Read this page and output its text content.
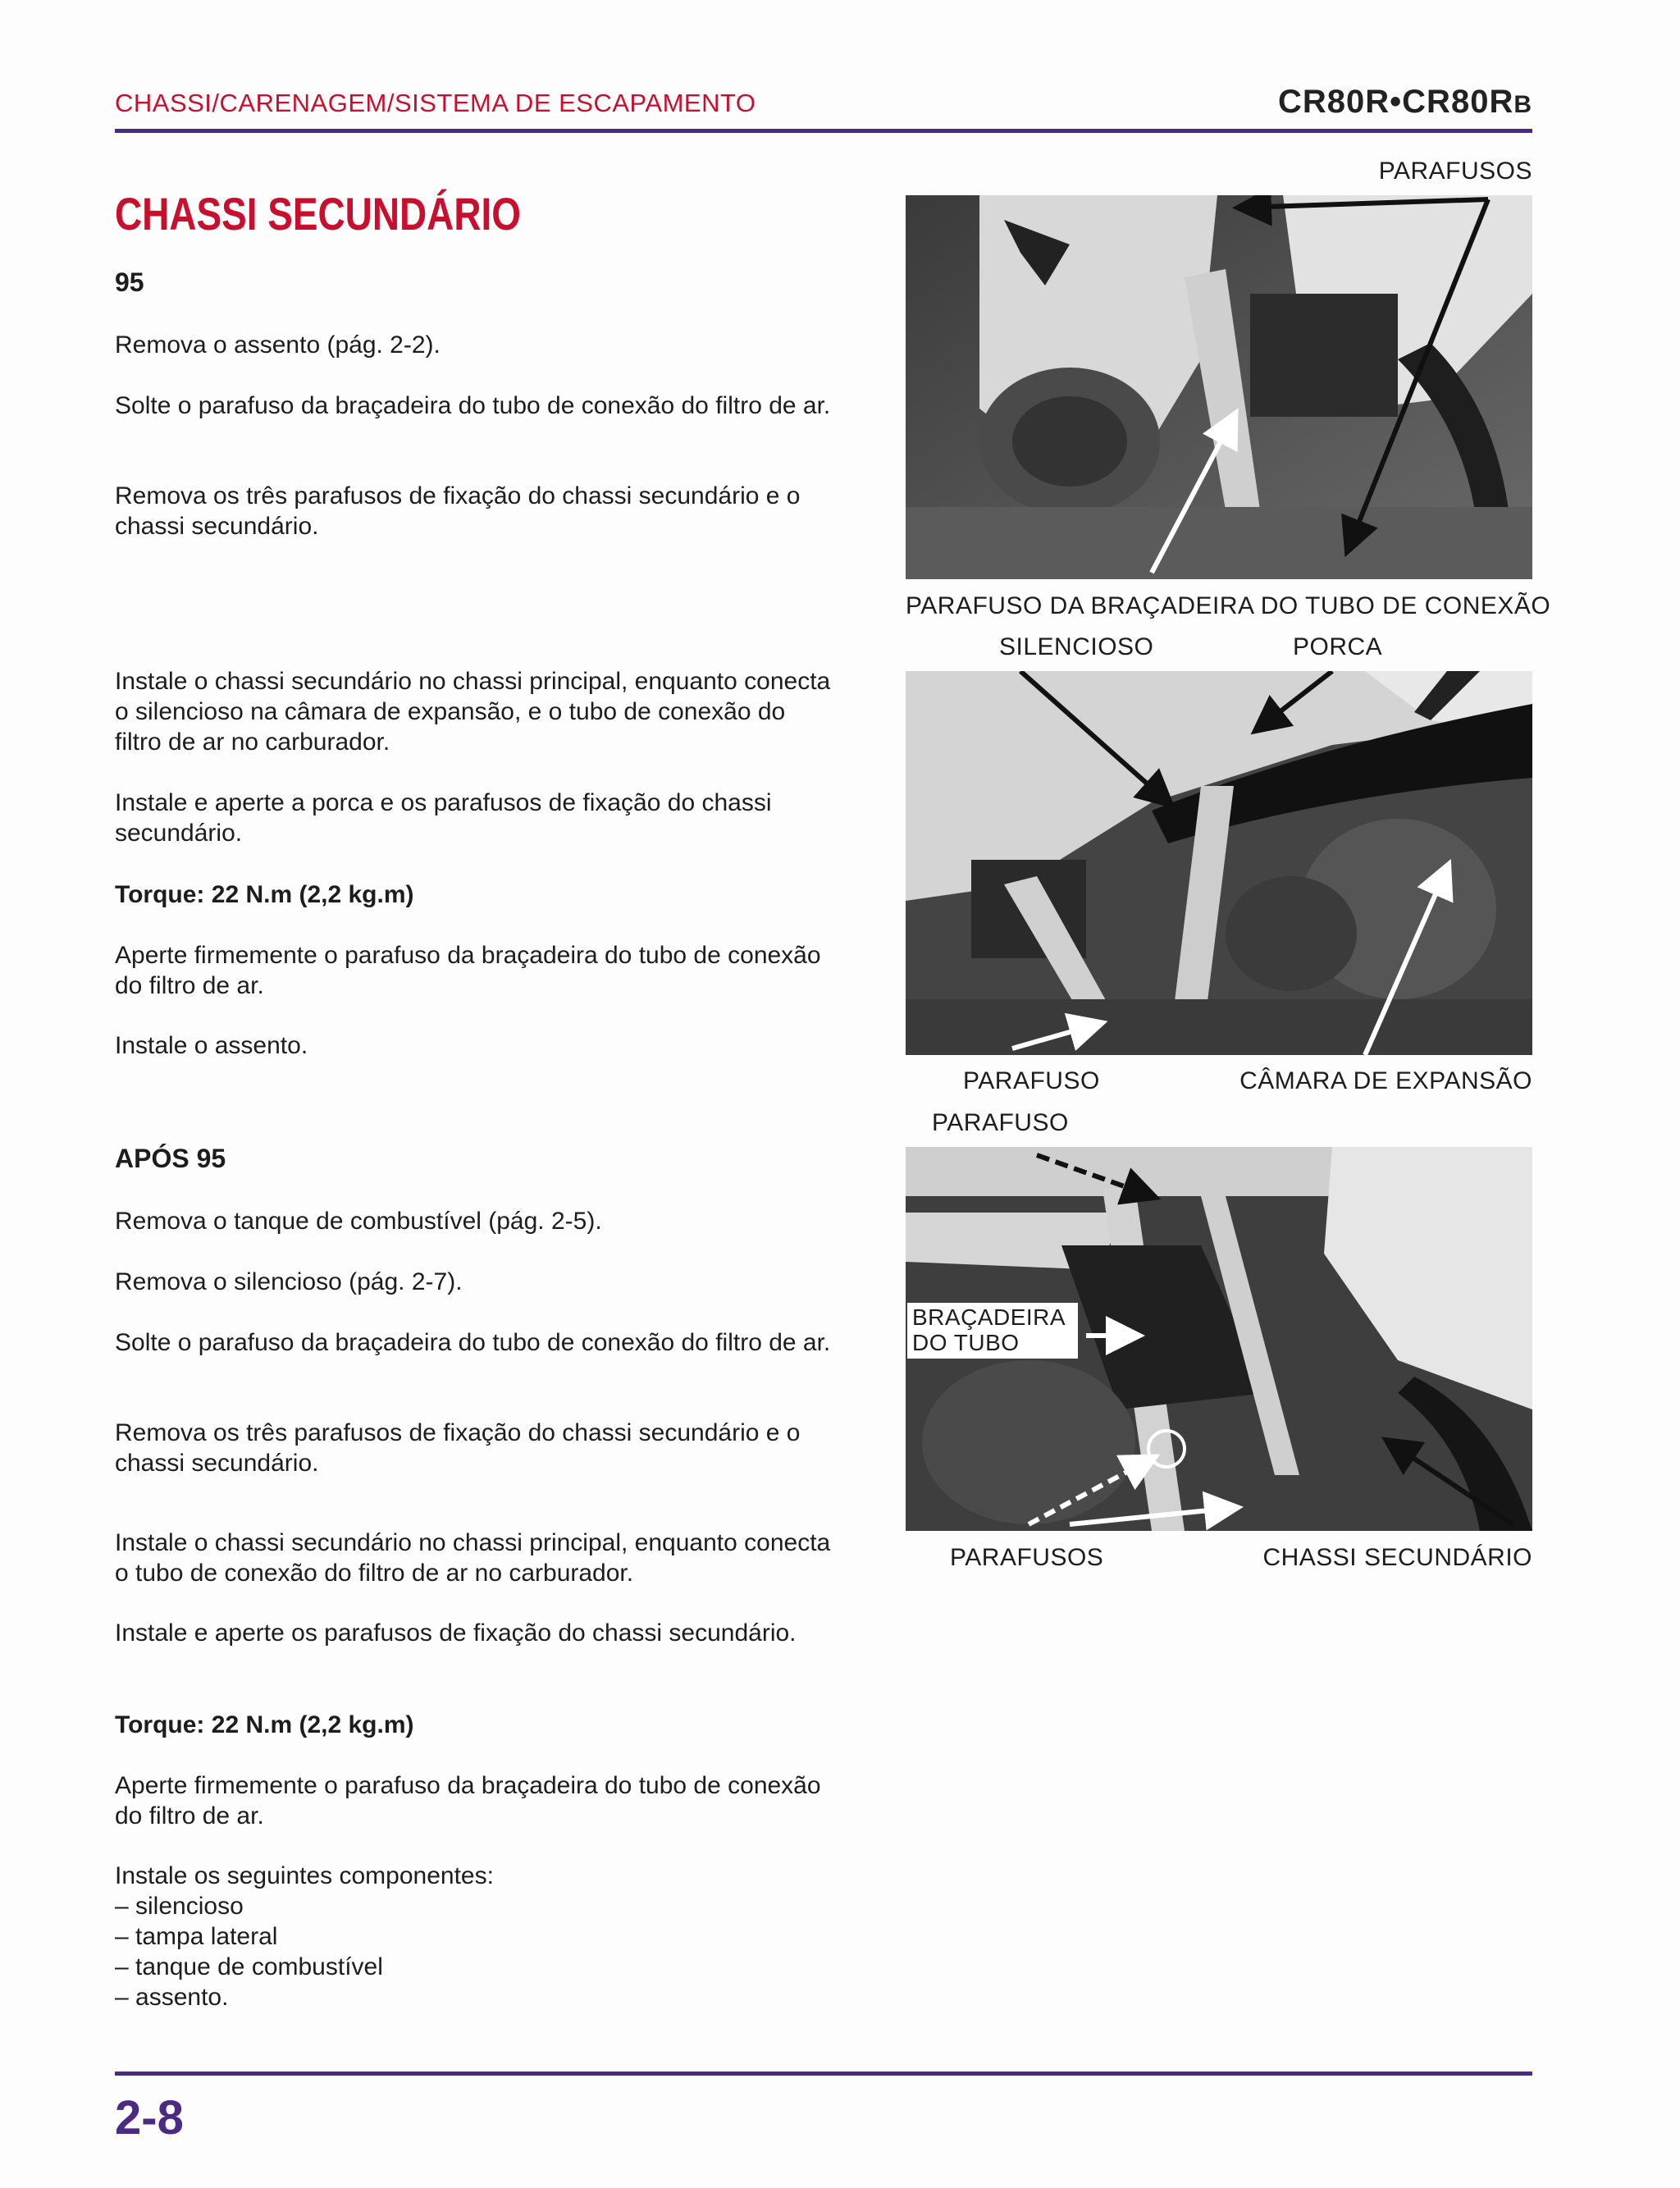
CHASSI/CARENAGEM/SISTEMA DE ESCAPAMENTO	CR80R•CR80RB
CHASSI SECUNDÁRIO
95
Remova o assento (pág. 2-2).
Solte o parafuso da braçadeira do tubo de conexão do filtro de ar.
Remova os três parafusos de fixação do chassi secundário e o chassi secundário.
Instale o chassi secundário no chassi principal, enquanto conecta o silencioso na câmara de expansão, e o tubo de conexão do filtro de ar no carburador.
Instale e aperte a porca e os parafusos de fixação do chassi secundário.
Torque: 22 N.m (2,2 kg.m)
Aperte firmemente o parafuso da braçadeira do tubo de conexão do filtro de ar.
Instale o assento.
APÓS 95
Remova o tanque de combustível (pág. 2-5).
Remova o silencioso (pág. 2-7).
Solte o parafuso da braçadeira do tubo de conexão do filtro de ar.
Remova os três parafusos de fixação do chassi secundário e o chassi secundário.
Instale o chassi secundário no chassi principal, enquanto conecta o tubo de conexão do filtro de ar no carburador.
Instale e aperte os parafusos de fixação do chassi secundário.
Torque: 22 N.m (2,2 kg.m)
Aperte firmemente o parafuso da braçadeira do tubo de conexão do filtro de ar.
Instale os seguintes componentes:
– silencioso
– tampa lateral
– tanque de combustível
– assento.
PARAFUSOS
PARAFUSO DA BRAÇADEIRA DO TUBO DE CONEXÃO
SILENCIOSO	PORCA
PARAFUSO	CÂMARA DE EXPANSÃO
PARAFUSO
BRAÇADEIRA
DO TUBO
PARAFUSOS	CHASSI SECUNDÁRIO
2-8
